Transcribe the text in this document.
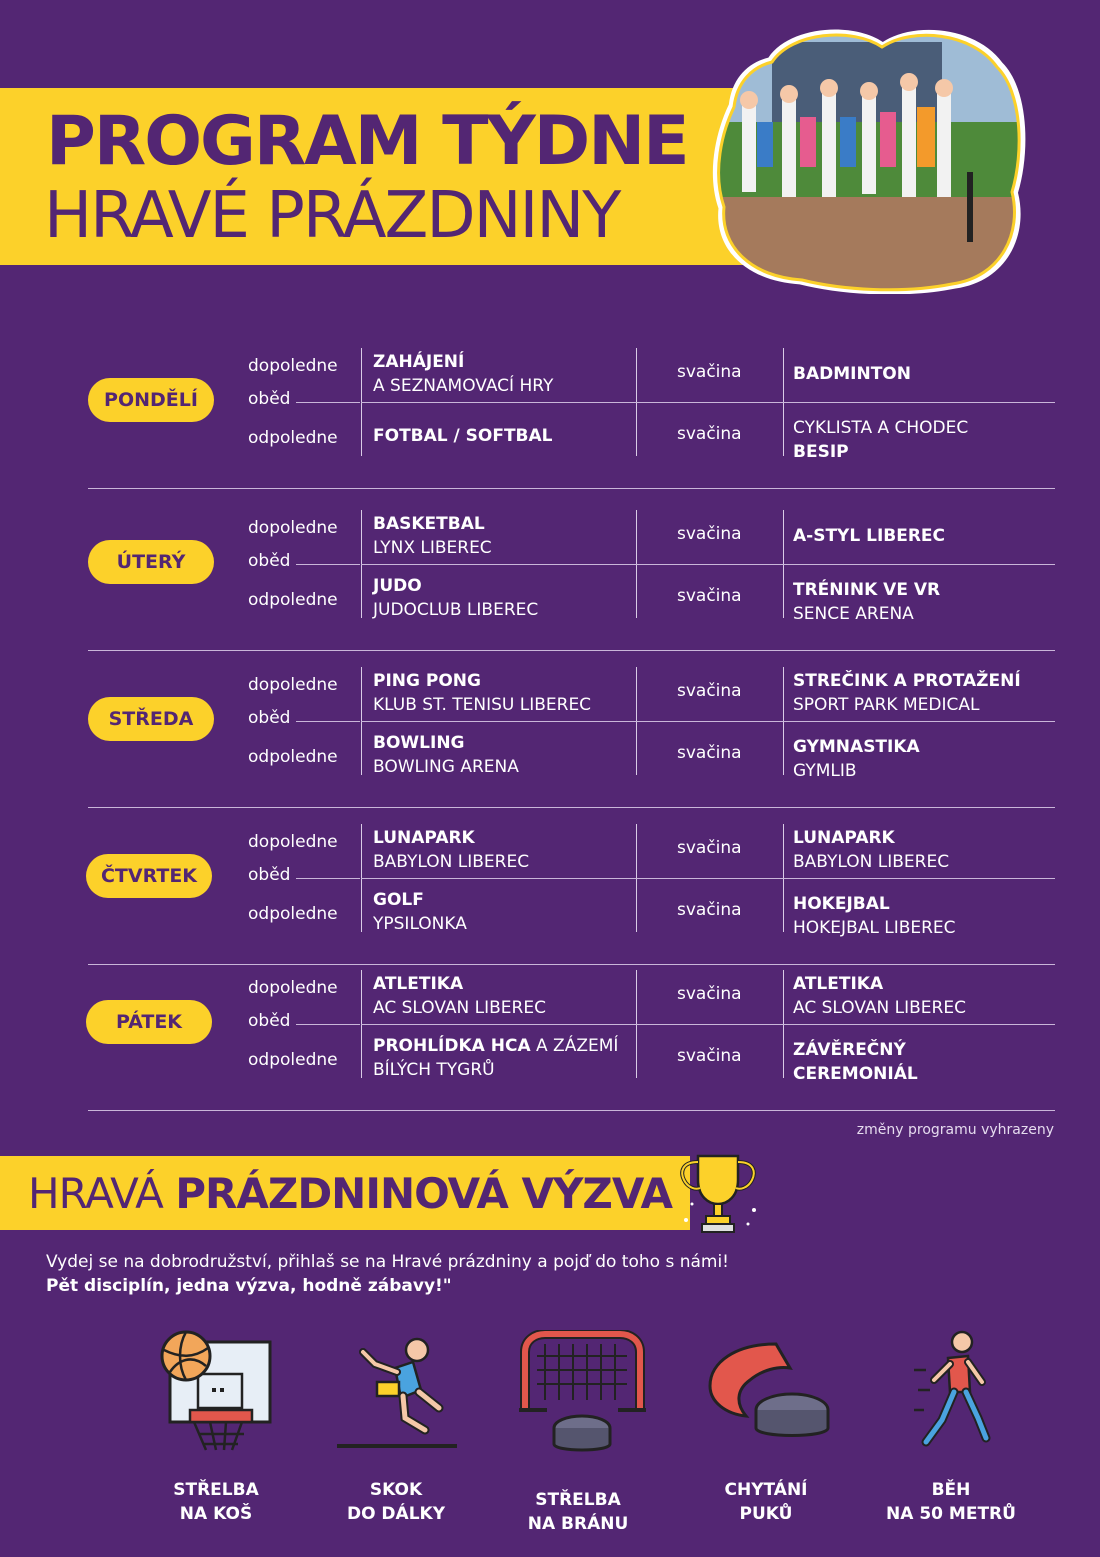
PROGRAM TÝDNE
HRAVÉ PRÁZDNINY
PONDĚLÍ
dopoledne
oběd
odpoledne
svačina
svačina
ZAHÁJENÍ
A SEZNAMOVACÍ HRY
BADMINTON
FOTBAL / SOFTBAL	CYKLISTA A CHODEC
BESIP
ÚTERÝ
dopoledne
oběd
odpoledne
svačina
svačina
BASKETBAL
LYNX LIBEREC
A-STYL LIBEREC
JUDO
JUDOCLUB LIBEREC
TRÉNINK VE VR
SENCE ARENA
STŘEDA
dopoledne
oběd
odpoledne
svačina
svačina
PING PONG
KLUB ST. TENISU LIBEREC
STREČINK A PROTAŽENÍ
SPORT PARK MEDICAL
BOWLING
BOWLING ARENA
GYMNASTIKA
GYMLIB
ČTVRTEK
dopoledne
oběd
odpoledne
svačina
svačina
LUNAPARK
BABYLON LIBEREC
LUNAPARK
BABYLON LIBEREC
GOLF
YPSILONKA
HOKEJBAL
HOKEJBAL LIBEREC
PÁTEK
dopoledne
oběd
odpoledne
svačina
svačina
ATLETIKA
AC SLOVAN LIBEREC
ATLETIKA
AC SLOVAN LIBEREC
PROHLÍDKA HCA A ZÁZEMÍ
BÍLÝCH TYGRŮ
ZÁVĚREČNÝ
CEREMONIÁL
změny programu vyhrazeny
HRAVÁ PRÁZDNINOVÁ VÝZVA
Vydej se na dobrodružství, přihlaš se na Hravé prázdniny a pojď do toho s námi!
Pět disciplín, jedna výzva, hodně zábavy!"
STŘELBA
NA KOŠ
SKOK
DO DÁLKY
STŘELBA
NA BRÁNU
CHYTÁNÍ
PUKŮ
BĚH
NA 50 METRŮ
